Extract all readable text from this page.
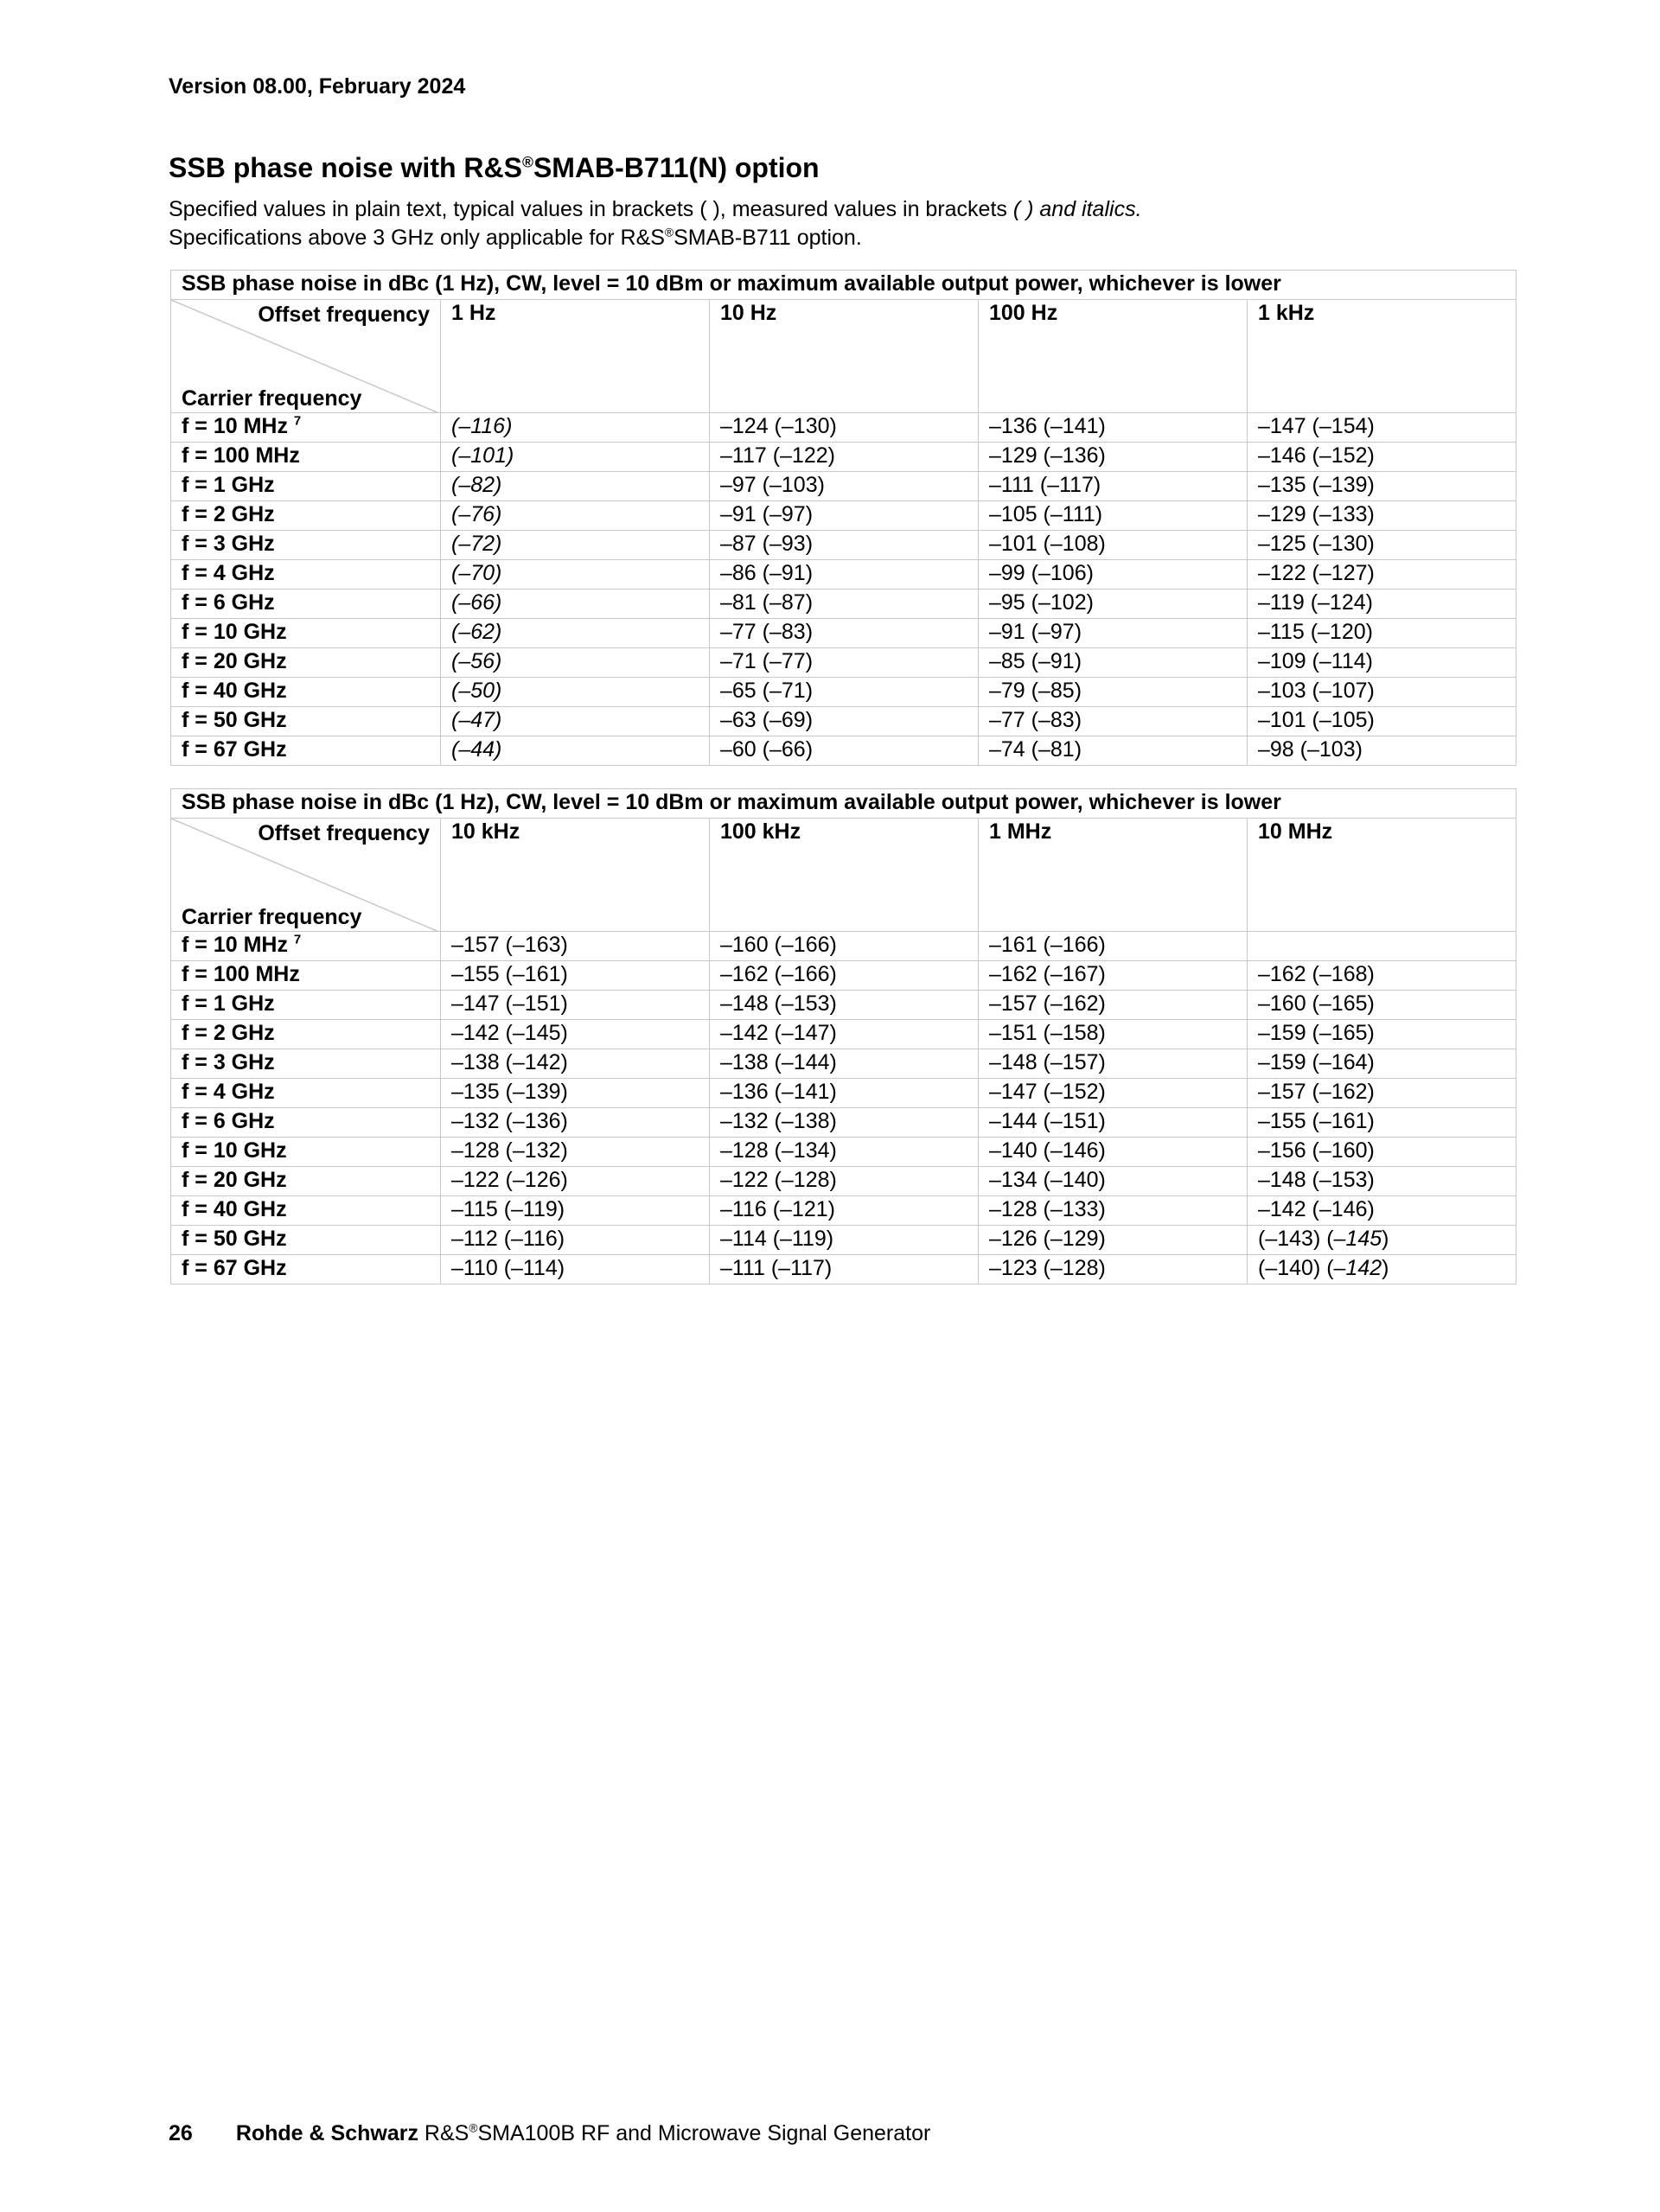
Version 08.00, February 2024
SSB phase noise with R&S®SMAB-B711(N) option
Specified values in plain text, typical values in brackets ( ), measured values in brackets ( ) and italics.
Specifications above 3 GHz only applicable for R&S®SMAB-B711 option.
SSB phase noise in dBc (1 Hz), CW, level = 10 dBm or maximum available output power, whichever is lower				

Offset frequency
Carrier frequency	1 Hz	10 Hz	100 Hz	1 kHz
f = 10 MHz $^7$	(–116)	–124 (–130)	–136 (–141)	–147 (–154)
f = 100 MHz	(–101)	–117 (–122)	–129 (–136)	–146 (–152)
f = 1 GHz	(–82)	–97 (–103)	–111 (–117)	–135 (–139)
f = 2 GHz	(–76)	–91 (–97)	–105 (–111)	–129 (–133)
f = 3 GHz	(–72)	–87 (–93)	–101 (–108)	–125 (–130)
f = 4 GHz	(–70)	–86 (–91)	–99 (–106)	–122 (–127)
f = 6 GHz	(–66)	–81 (–87)	–95 (–102)	–119 (–124)
f = 10 GHz	(–62)	–77 (–83)	–91 (–97)	–115 (–120)
f = 20 GHz	(–56)	–71 (–77)	–85 (–91)	–109 (–114)
f = 40 GHz	(–50)	–65 (–71)	–79 (–85)	–103 (–107)
f = 50 GHz	(–47)	–63 (–69)	–77 (–83)	–101 (–105)
f = 67 GHz	(–44)	–60 (–66)	–74 (–81)	–98 (–103)
SSB phase noise in dBc (1 Hz), CW, level = 10 dBm or maximum available output power, whichever is lower				

Offset frequency
Carrier frequency	10 kHz	100 kHz	1 MHz	10 MHz
f = 10 MHz $^7$	–157 (–163)	–160 (–166)	–161 (–166)	
f = 100 MHz	–155 (–161)	–162 (–166)	–162 (–167)	–162 (–168)
f = 1 GHz	–147 (–151)	–148 (–153)	–157 (–162)	–160 (–165)
f = 2 GHz	–142 (–145)	–142 (–147)	–151 (–158)	–159 (–165)
f = 3 GHz	–138 (–142)	–138 (–144)	–148 (–157)	–159 (–164)
f = 4 GHz	–135 (–139)	–136 (–141)	–147 (–152)	–157 (–162)
f = 6 GHz	–132 (–136)	–132 (–138)	–144 (–151)	–155 (–161)
f = 10 GHz	–128 (–132)	–128 (–134)	–140 (–146)	–156 (–160)
f = 20 GHz	–122 (–126)	–122 (–128)	–134 (–140)	–148 (–153)
f = 40 GHz	–115 (–119)	–116 (–121)	–128 (–133)	–142 (–146)
f = 50 GHz	–112 (–116)	–114 (–119)	–126 (–129)	(–143) (–145)
f = 67 GHz	–110 (–114)	–111 (–117)	–123 (–128)	(–140) (–142)
26 Rohde & Schwarz R&S®SMA100B RF and Microwave Signal Generator
